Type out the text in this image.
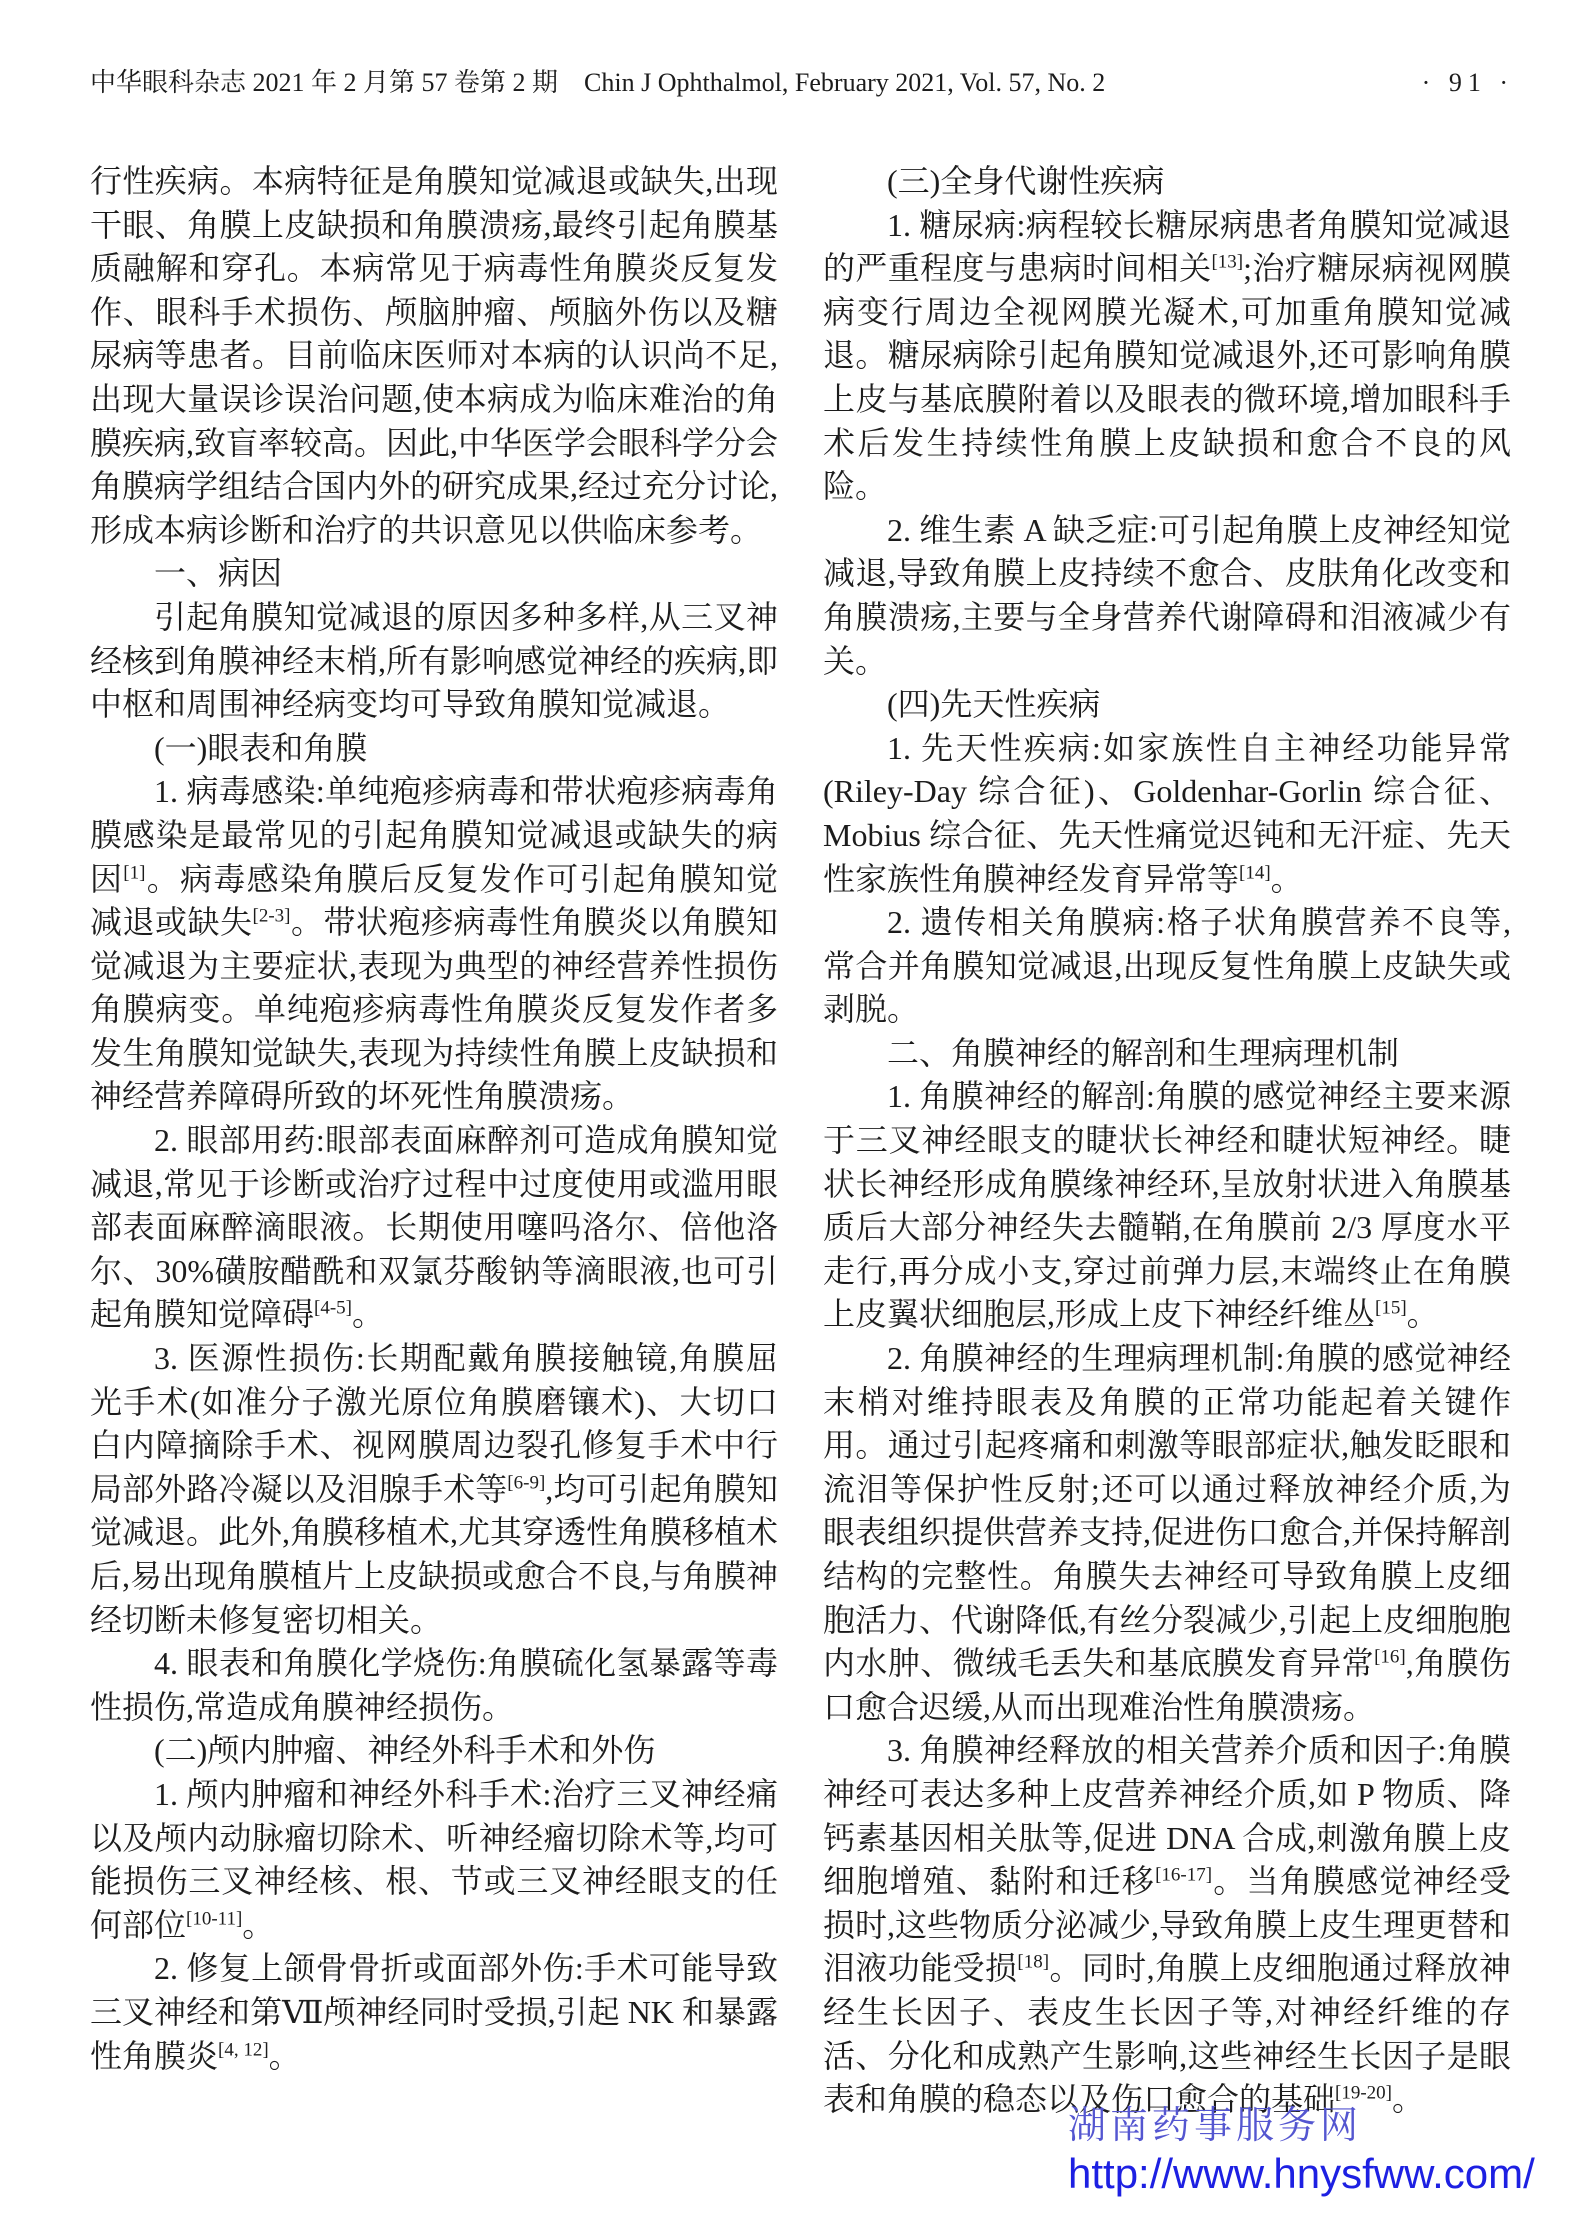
中华眼科杂志 2021 年 2 月第 57 卷第 2 期 Chin J Ophthalmol, February 2021, Vol. 57, No. 2	· 91 ·

行性疾病。本病特征是角膜知觉减退或缺失,出现干眼、角膜上皮缺损和角膜溃疡,最终引起角膜基质融解和穿孔。本病常见于病毒性角膜炎反复发作、眼科手术损伤、颅脑肿瘤、颅脑外伤以及糖尿病等患者。目前临床医师对本病的认识尚不足,出现大量误诊误治问题,使本病成为临床难治的角膜疾病,致盲率较高。因此,中华医学会眼科学分会角膜病学组结合国内外的研究成果,经过充分讨论,形成本病诊断和治疗的共识意见以供临床参考。

一、病因

引起角膜知觉减退的原因多种多样,从三叉神经核到角膜神经末梢,所有影响感觉神经的疾病,即中枢和周围神经病变均可导致角膜知觉减退。

(一)眼表和角膜

1. 病毒感染:单纯疱疹病毒和带状疱疹病毒角膜感染是最常见的引起角膜知觉减退或缺失的病因[1]。病毒感染角膜后反复发作可引起角膜知觉减退或缺失[2-3]。带状疱疹病毒性角膜炎以角膜知觉减退为主要症状,表现为典型的神经营养性损伤角膜病变。单纯疱疹病毒性角膜炎反复发作者多发生角膜知觉缺失,表现为持续性角膜上皮缺损和神经营养障碍所致的坏死性角膜溃疡。

2. 眼部用药:眼部表面麻醉剂可造成角膜知觉减退,常见于诊断或治疗过程中过度使用或滥用眼部表面麻醉滴眼液。长期使用噻吗洛尔、倍他洛尔、30%磺胺醋酰和双氯芬酸钠等滴眼液,也可引起角膜知觉障碍[4-5]。

3. 医源性损伤:长期配戴角膜接触镜,角膜屈光手术(如准分子激光原位角膜磨镶术)、大切口白内障摘除手术、视网膜周边裂孔修复手术中行局部外路冷凝以及泪腺手术等[6-9],均可引起角膜知觉减退。此外,角膜移植术,尤其穿透性角膜移植术后,易出现角膜植片上皮缺损或愈合不良,与角膜神经切断未修复密切相关。

4. 眼表和角膜化学烧伤:角膜硫化氢暴露等毒性损伤,常造成角膜神经损伤。

(二)颅内肿瘤、神经外科手术和外伤

1. 颅内肿瘤和神经外科手术:治疗三叉神经痛以及颅内动脉瘤切除术、听神经瘤切除术等,均可能损伤三叉神经核、根、节或三叉神经眼支的任何部位[10-11]。

2. 修复上颌骨骨折或面部外伤:手术可能导致三叉神经和第Ⅶ颅神经同时受损,引起 NK 和暴露性角膜炎[4, 12]。

(三)全身代谢性疾病

1. 糖尿病:病程较长糖尿病患者角膜知觉减退的严重程度与患病时间相关[13];治疗糖尿病视网膜病变行周边全视网膜光凝术,可加重角膜知觉减退。糖尿病除引起角膜知觉减退外,还可影响角膜上皮与基底膜附着以及眼表的微环境,增加眼科手术后发生持续性角膜上皮缺损和愈合不良的风险。

2. 维生素 A 缺乏症:可引起角膜上皮神经知觉减退,导致角膜上皮持续不愈合、皮肤角化改变和角膜溃疡,主要与全身营养代谢障碍和泪液减少有关。

(四)先天性疾病

1. 先天性疾病:如家族性自主神经功能异常(Riley-Day 综合征)、Goldenhar-Gorlin 综合征、Mobius 综合征、先天性痛觉迟钝和无汗症、先天性家族性角膜神经发育异常等[14]。

2. 遗传相关角膜病:格子状角膜营养不良等,常合并角膜知觉减退,出现反复性角膜上皮缺失或剥脱。

二、角膜神经的解剖和生理病理机制

1. 角膜神经的解剖:角膜的感觉神经主要来源于三叉神经眼支的睫状长神经和睫状短神经。睫状长神经形成角膜缘神经环,呈放射状进入角膜基质后大部分神经失去髓鞘,在角膜前 2/3 厚度水平走行,再分成小支,穿过前弹力层,末端终止在角膜上皮翼状细胞层,形成上皮下神经纤维丛[15]。

2. 角膜神经的生理病理机制:角膜的感觉神经末梢对维持眼表及角膜的正常功能起着关键作用。通过引起疼痛和刺激等眼部症状,触发眨眼和流泪等保护性反射;还可以通过释放神经介质,为眼表组织提供营养支持,促进伤口愈合,并保持解剖结构的完整性。角膜失去神经可导致角膜上皮细胞活力、代谢降低,有丝分裂减少,引起上皮细胞胞内水肿、微绒毛丢失和基底膜发育异常[16],角膜伤口愈合迟缓,从而出现难治性角膜溃疡。

3. 角膜神经释放的相关营养介质和因子:角膜神经可表达多种上皮营养神经介质,如 P 物质、降钙素基因相关肽等,促进 DNA 合成,刺激角膜上皮细胞增殖、黏附和迁移[16-17]。当角膜感觉神经受损时,这些物质分泌减少,导致角膜上皮生理更替和泪液功能受损[18]。同时,角膜上皮细胞通过释放神经生长因子、表皮生长因子等,对神经纤维的存活、分化和成熟产生影响,这些神经生长因子是眼表和角膜的稳态以及伤口愈合的基础[19-20]。

湖南药事服务网
http://www.hnysfww.com/
